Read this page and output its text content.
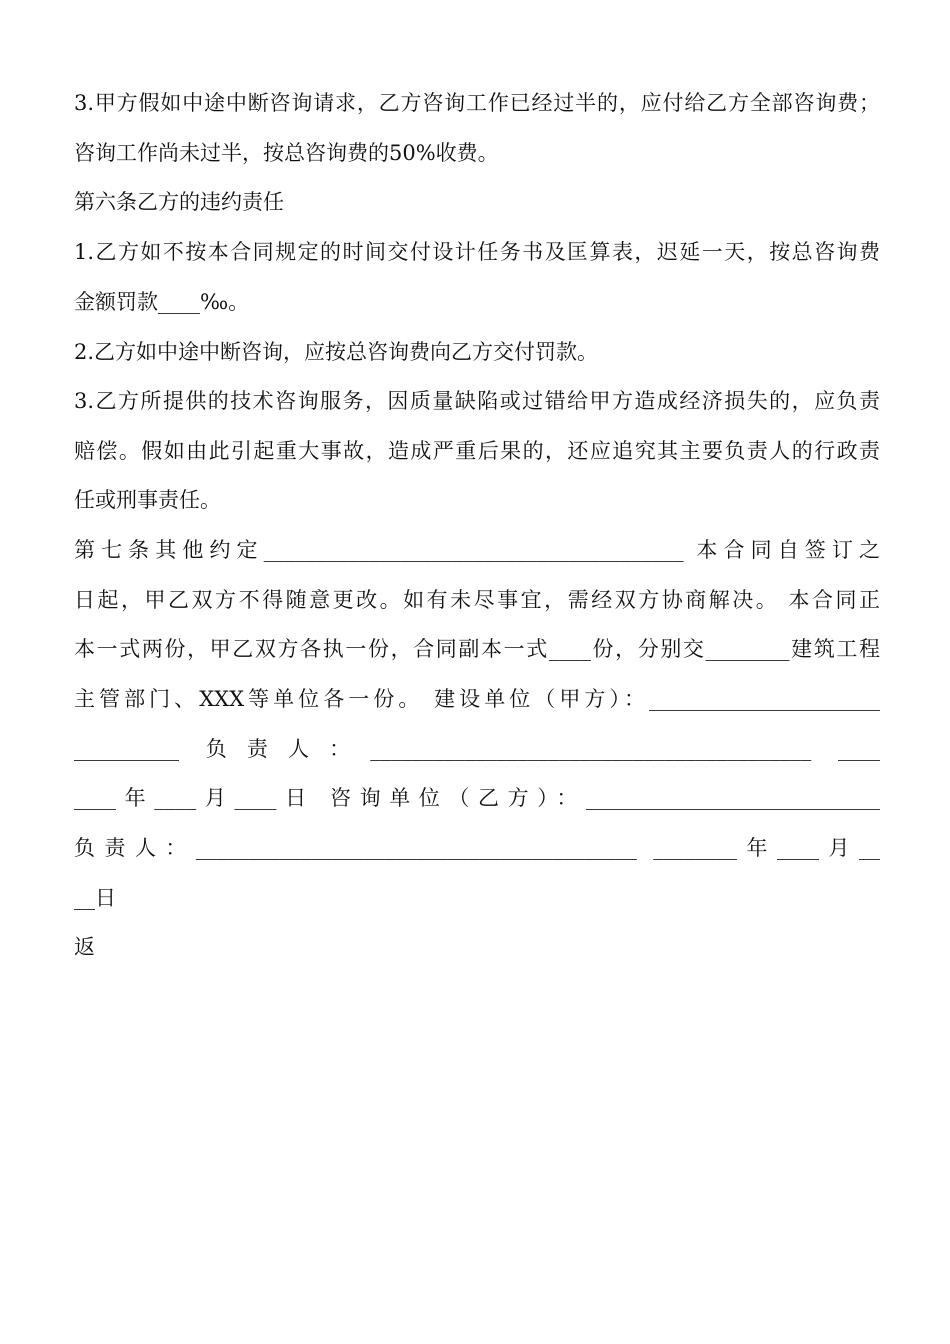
3.甲方假如中途中断咨询请求，乙方咨询工作已经过半的，应付给乙方全部咨询费；
咨询工作尚未过半，按总咨询费的50%收费。
第六条乙方的违约责任
1.乙方如不按本合同规定的时间交付设计任务书及匡算表，迟延一天，按总咨询费
金额罚款____‰。
2.乙方如中途中断咨询，应按总咨询费向乙方交付罚款。
3.乙方所提供的技术咨询服务，因质量缺陷或过错给甲方造成经济损失的，应负责
赔偿。假如由此引起重大事故，造成严重后果的，还应追究其主要负责人的行政责
任或刑事责任。
第七条其他约定________________________________________ 本合同自签订之
日起，甲乙双方不得随意更改。如有未尽事宜，需经双方协商解决。 本合同正
本一式两份，甲乙双方各执一份，合同副本一式____份，分别交________建筑工程
主管部门、XXX等单位各一份。 建设单位（甲方）：______________________
__________ 负责人：__________________________________________ ____
____年____月____日 咨询单位（乙方）：____________________________
负责人：__________________________________________ ________年____月__
__日
返
